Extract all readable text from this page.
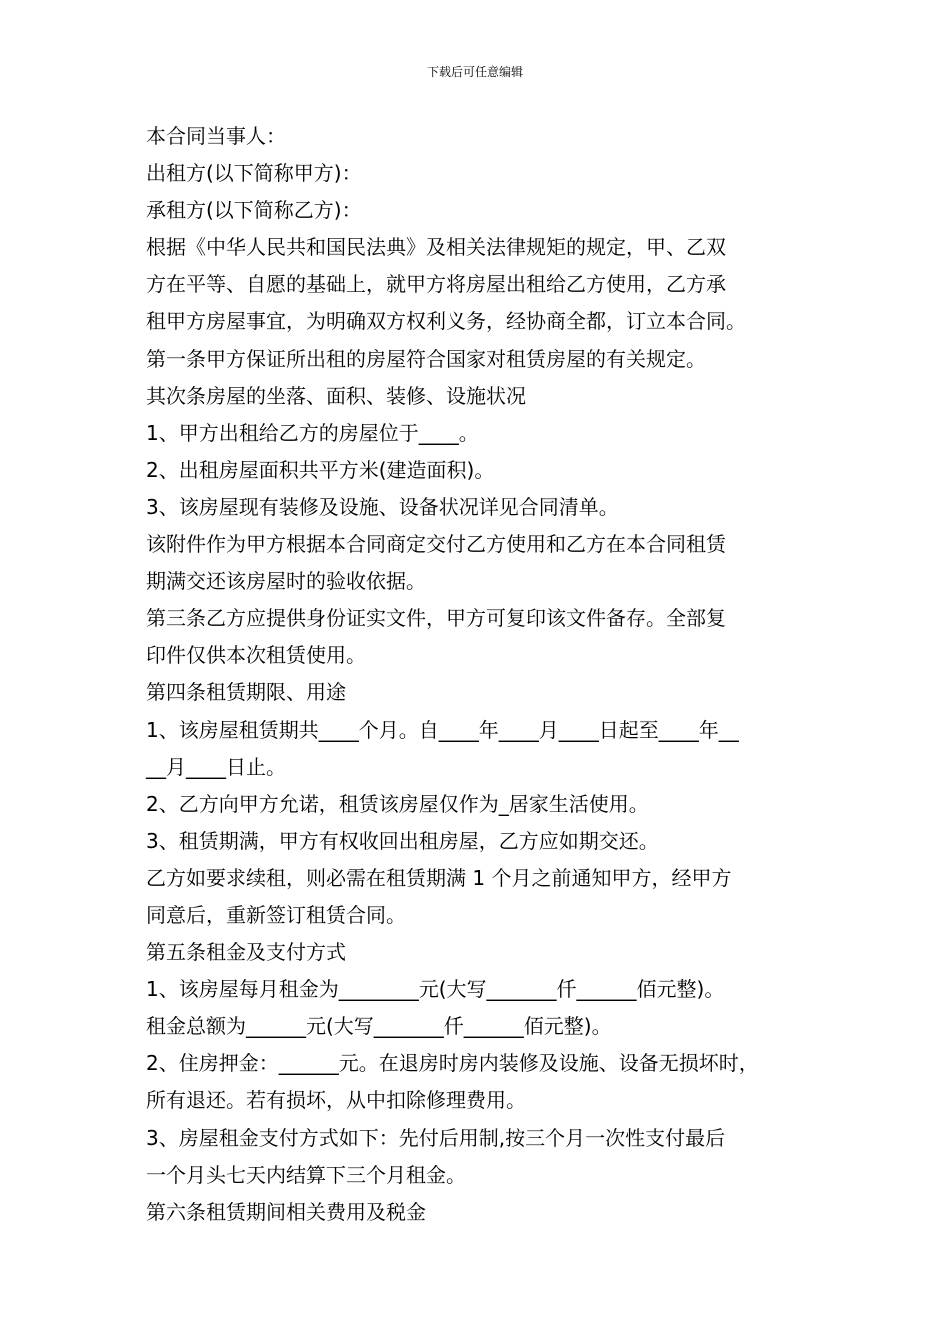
下载后可任意编辑
本合同当事人：
出租方(以下简称甲方)：
承租方(以下简称乙方)：
根据《中华人民共和国民法典》及相关法律规矩的规定，甲、乙双
方在平等、自愿的基础上，就甲方将房屋出租给乙方使用，乙方承
租甲方房屋事宜，为明确双方权利义务，经协商全都，订立本合同。
第一条甲方保证所出租的房屋符合国家对租赁房屋的有关规定。
其次条房屋的坐落、面积、装修、设施状况
1、甲方出租给乙方的房屋位于____。
2、出租房屋面积共平方米(建造面积)。
3、该房屋现有装修及设施、设备状况详见合同清单。
该附件作为甲方根据本合同商定交付乙方使用和乙方在本合同租赁
期满交还该房屋时的验收依据。
第三条乙方应提供身份证实文件，甲方可复印该文件备存。全部复
印件仅供本次租赁使用。
第四条租赁期限、用途
1、该房屋租赁期共____个月。自____年____月____日起至____年__
__月____日止。
2、乙方向甲方允诺，租赁该房屋仅作为_居家生活使用。
3、租赁期满，甲方有权收回出租房屋，乙方应如期交还。
乙方如要求续租，则必需在租赁期满 1 个月之前通知甲方，经甲方
同意后，重新签订租赁合同。
第五条租金及支付方式
1、该房屋每月租金为________元(大写_______仟______佰元整)。
租金总额为______元(大写_______仟______佰元整)。
2、住房押金：______元。在退房时房内装修及设施、设备无损坏时，
所有退还。若有损坏，从中扣除修理费用。
3、房屋租金支付方式如下：先付后用制,按三个月一次性支付最后
一个月头七天内结算下三个月租金。
第六条租赁期间相关费用及税金
